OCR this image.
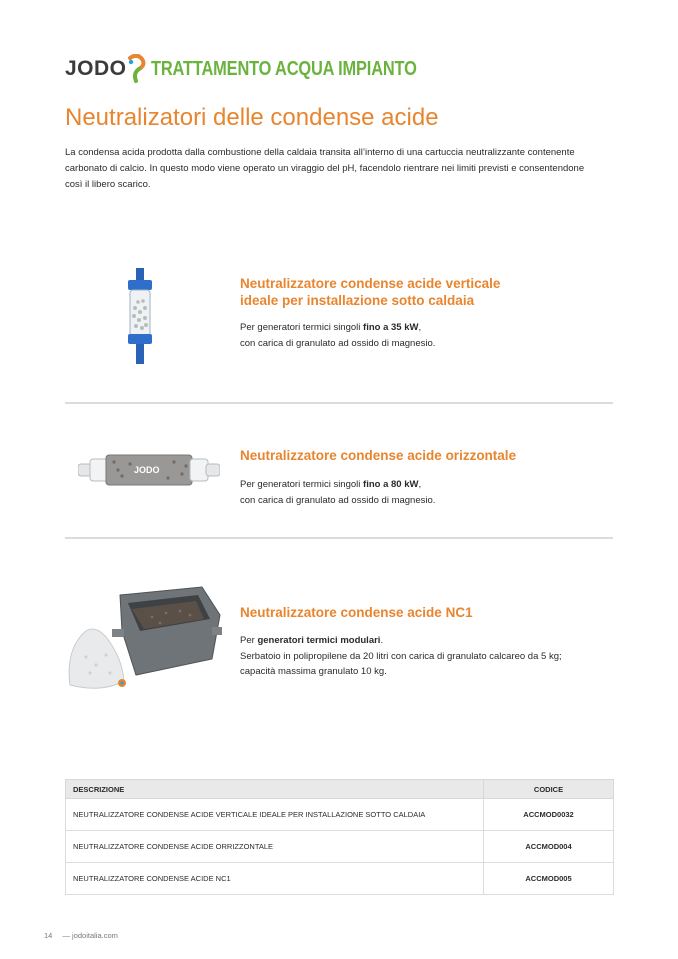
JODO TRATTAMENTO ACQUA IMPIANTO
Neutralizatori delle condense acide

La condensa acida prodotta dalla combustione della caldaia transita all’interno di una cartuccia neutralizzante contenente carbonato di calcio. In questo modo viene operato un viraggio del pH, facendolo rientrare nei limiti previsti e consentendone così il libero scarico.

Neutralizzatore condense acide verticale
ideale per installazione sotto caldaia

Per generatori termici singoli fino a 35 kW,
con carica di granulato ad ossido di magnesio.

JODO
Neutralizzatore condense acide orizzontale

Per generatori termici singoli fino a 80 kW,
con carica di granulato ad ossido di magnesio.

Neutralizzatore condense acide NC1

Per generatori termici modulari.
Serbatoio in polipropilene da 20 litri con carica di granulato calcareo da 5 kg;
capacità massima granulato 10 kg.

DESCRIZIONE	CODICE
NEUTRALIZZATORE CONDENSE ACIDE VERTICALE IDEALE PER INSTALLAZIONE SOTTO CALDAIA	ACCMOD0032
NEUTRALIZZATORE CONDENSE ACIDE ORRIZZONTALE	ACCMOD004
NEUTRALIZZATORE CONDENSE ACIDE NC1	ACCMOD005
14 — jodoitalia.com
